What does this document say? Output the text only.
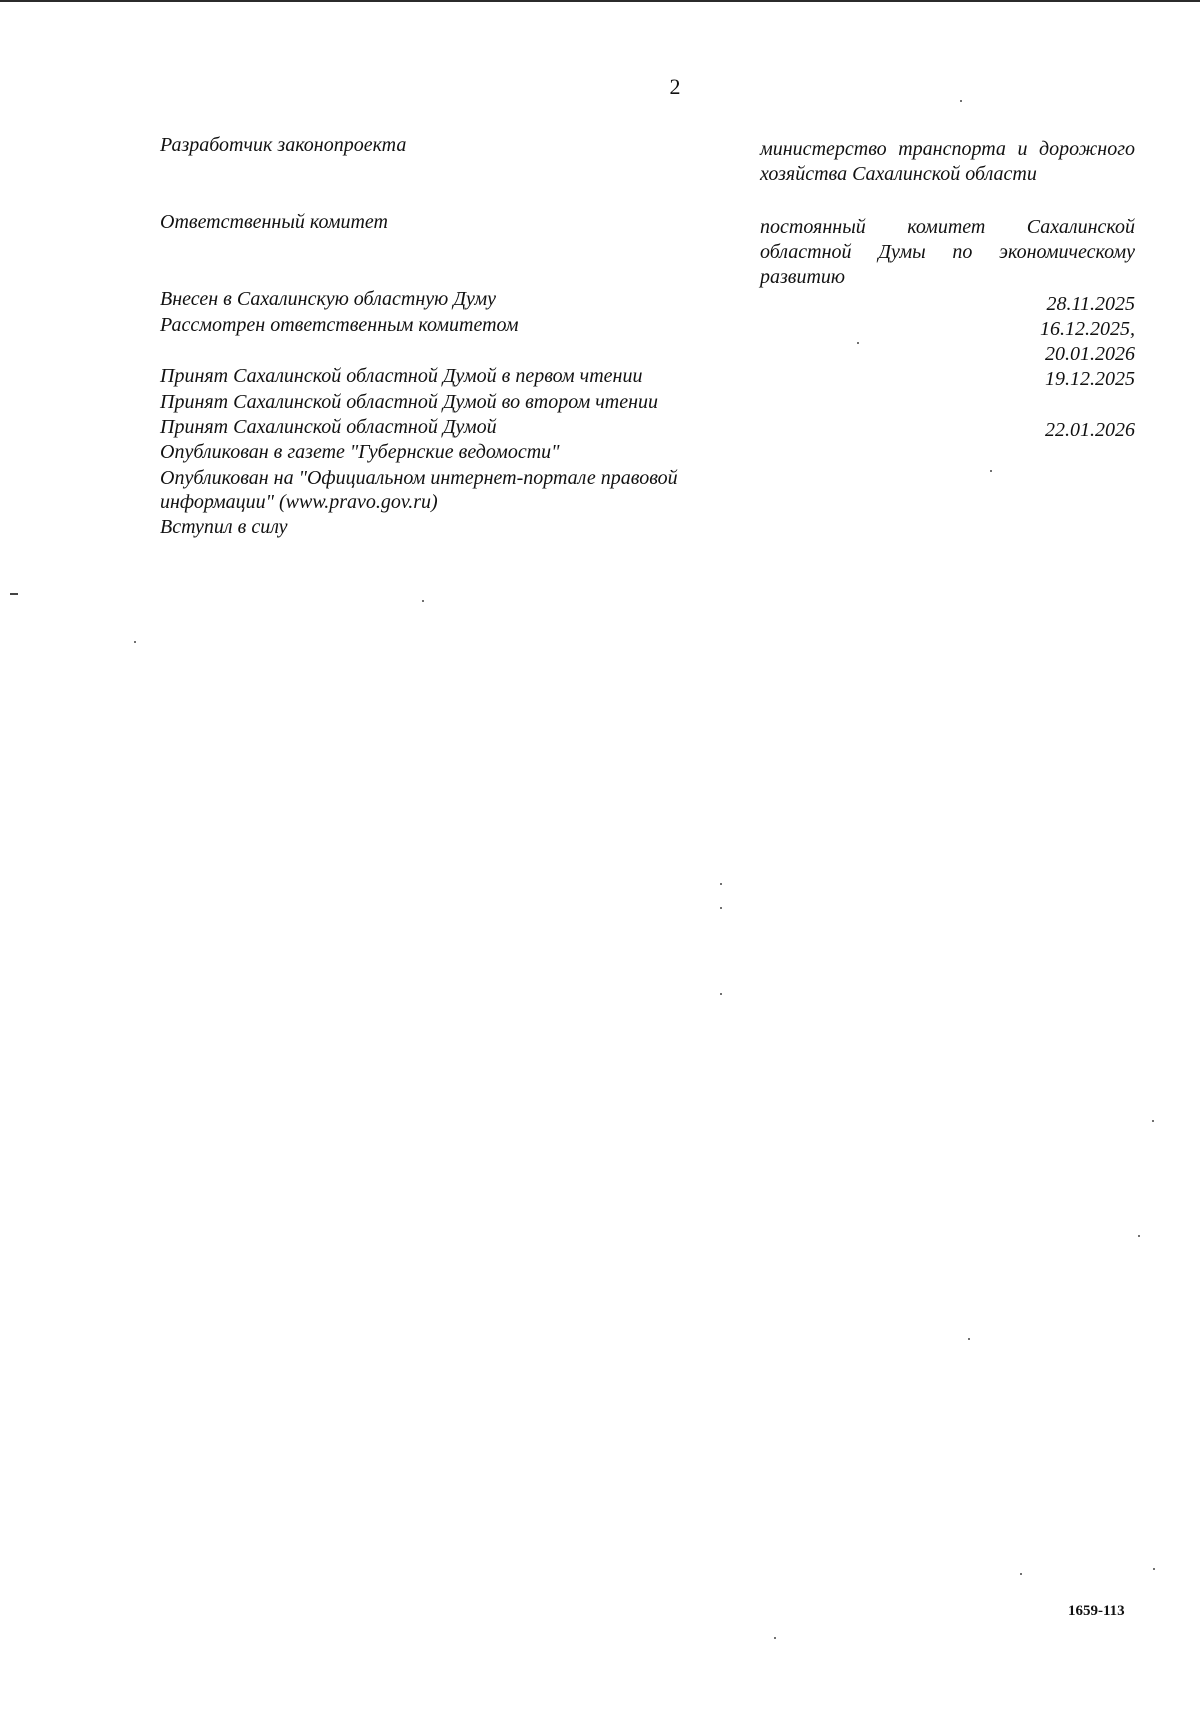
2
Разработчик законопроекта	министерство транспорта и дорожного хозяйства Сахалинской области
Ответственный комитет	постоянный комитет Сахалинской областной Думы по экономическому развитию
Внесен в Сахалинскую областную Думу	28.11.2025
Рассмотрен ответственным комитетом	16.12.2025,
20.01.2026
Принят Сахалинской областной Думой в первом чтении	19.12.2025
Принят Сахалинской областной Думой во втором чтении
Принят Сахалинской областной Думой	22.01.2026
Опубликован в газете "Губернские ведомости"
Опубликован на "Официальном интернет-портале правовой
информации" (www.pravo.gov.ru)
Вступил в силу
1659-113
